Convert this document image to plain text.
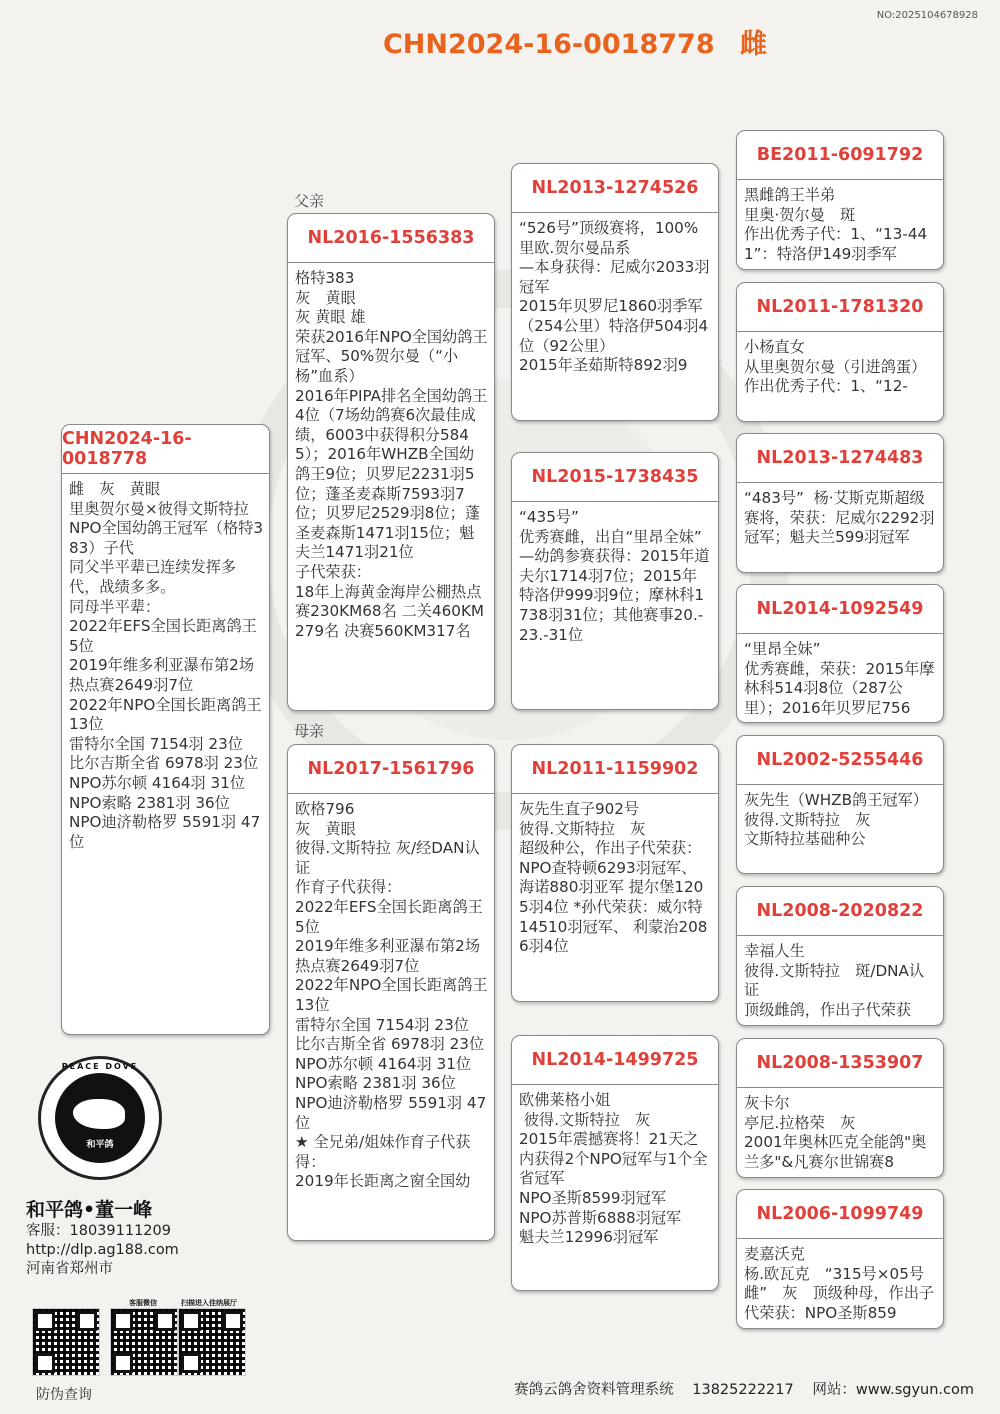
NO:2025104678928
CHN2024-16-0018778 雌
CHN2024-16-0018778
雌　灰　黄眼
里奥贺尔曼×彼得文斯特拉
NPO全国幼鸽王冠军（格特383）子代
同父半平辈已连续发挥多代，战绩多多。
同母半平辈：
2022年EFS全国长距离鸽王5位
2019年维多利亚瀑布第2场热点赛2649羽7位
2022年NPO全国长距离鸽王13位
雷特尔全国 7154羽 23位
比尔吉斯全省 6978羽 23位
NPO苏尔顿 4164羽 31位
NPO索略 2381羽 36位
NPO迪济勒格罗 5591羽 47位
父亲
NL2016-1556383
格特383
灰　黄眼
灰 黄眼 雄
荣获2016年NPO全国幼鸽王冠军、50%贺尔曼（“小杨”血系）
2016年PIPA排名全国幼鸽王4位（7场幼鸽赛6次最佳成绩，6003中获得积分5845）；2016年WHZB全国幼鸽王9位；贝罗尼2231羽5位；蓬圣麦森斯7593羽7位；贝罗尼2529羽8位；蓬圣麦森斯1471羽15位；魁夫兰1471羽21位
子代荣获：
18年上海黄金海岸公棚热点赛230KM68名 二关460KM279名 决赛560KM317名
母亲
NL2017-1561796
欧格796
灰　黄眼
彼得.文斯特拉 灰/经DAN认证
作育子代获得：
2022年EFS全国长距离鸽王5位
2019年维多利亚瀑布第2场热点赛2649羽7位
2022年NPO全国长距离鸽王13位
雷特尔全国 7154羽 23位
比尔吉斯全省 6978羽 23位
NPO苏尔顿 4164羽 31位
NPO索略 2381羽 36位
NPO迪济勒格罗 5591羽 47位
★ 全兄弟/姐妹作育子代获得：
2019年长距离之窗全国幼
NL2013-1274526
“526号”顶级赛将，100%里欧.贺尔曼品系
—本身获得：尼威尔2033羽冠军
2015年贝罗尼1860羽季军（254公里）特洛伊504羽4位（92公里）
2015年圣茹斯特892羽9
NL2015-1738435
“435号”
优秀赛雌，出自“里昂全妹”
—幼鸽参赛获得：2015年道夫尔1714羽7位；2015年特洛伊999羽9位；摩林科1738羽31位；其他赛事20.-23.-31位
NL2011-1159902
灰先生直子902号
彼得.文斯特拉　灰
超级种公，作出子代荣获：NPO查特顿6293羽冠军、 海诺880羽亚军 提尔堡1205羽4位 *孙代荣获：威尔特14510羽冠军、 利蒙治2086羽4位
NL2014-1499725
欧佛莱格小姐
彼得.文斯特拉　灰
2015年震撼赛将！21天之内获得2个NPO冠军与1个全省冠军
NPO圣斯8599羽冠军
NPO苏普斯6888羽冠军
魁夫兰12996羽冠军
BE2011-6091792
黑雌鸽王半弟
里奥·贺尔曼　斑
作出优秀子代：1、“13-441”：特洛伊149羽季军
NL2011-1781320
小杨直女
从里奥贺尔曼（引进鸽蛋）
作出优秀子代：1、“12-
NL2013-1274483
“483号”  杨·艾斯克斯超级赛将，荣获：尼威尔2292羽冠军；魁夫兰599羽冠军
NL2014-1092549
“里昂全妹”
优秀赛雌，荣获：2015年摩林科514羽8位（287公里）；2016年贝罗尼756
NL2002-5255446
灰先生（WHZB鸽王冠军）
彼得.文斯特拉　灰
文斯特拉基础种公
NL2008-2020822
幸福人生
彼得.文斯特拉　斑/DNA认证
顶级雌鸽，作出子代荣获
NL2008-1353907
灰卡尔
亭尼.拉格荣　灰
2001年奥林匹克全能鸽"奥兰多"&凡赛尔世锦赛8
NL2006-1099749
麦嘉沃克
杨.欧瓦克　“315号×05号雌”　灰　顶级种母，作出子代荣获：NPO圣斯859
PEACE DOVE
和平鸽
和平鸽•董一峰
客服：18039111209
http://dlp.ag188.com
河南省郑州市
客服微信	扫描进入佳纳展厅
防伪查询	赛鸽云鸽舍资料管理系统 13825222217 网站：www.sgyun.com
